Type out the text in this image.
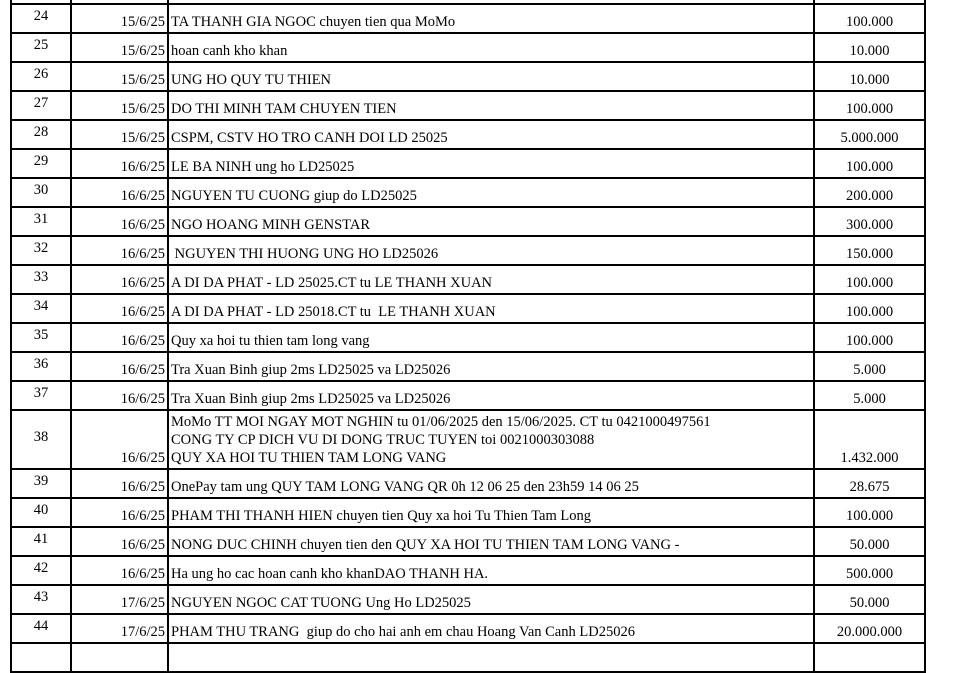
24	15/6/25	TA THANH GIA NGOC chuyen tien qua MoMo	100.000
25	15/6/25	hoan canh kho khan	10.000
26	15/6/25	UNG HO QUY TU THIEN	10.000
27	15/6/25	DO THI MINH TAM CHUYEN TIEN	100.000
28	15/6/25	CSPM, CSTV HO TRO CANH DOI LD 25025	5.000.000
29	16/6/25	LE BA NINH ung ho LD25025	100.000
30	16/6/25	NGUYEN TU CUONG giup do LD25025	200.000
31	16/6/25	NGO HOANG MINH GENSTAR	300.000
32	16/6/25	NGUYEN THI HUONG UNG HO LD25026	150.000
33	16/6/25	A DI DA PHAT - LD 25025.CT tu LE THANH XUAN	100.000
34	16/6/25	A DI DA PHAT - LD 25018.CT tu  LE THANH XUAN	100.000
35	16/6/25	Quy xa hoi tu thien tam long vang	100.000
36	16/6/25	Tra Xuan Binh giup 2ms LD25025 va LD25026	5.000
37	16/6/25	Tra Xuan Binh giup 2ms LD25025 va LD25026	5.000
38	16/6/25	MoMo TT MOI NGAY MOT NGHIN tu 01/06/2025 den 15/06/2025. CT tu 0421000497561
CONG TY CP DICH VU DI DONG TRUC TUYEN toi 0021000303088
QUY XA HOI TU THIEN TAM LONG VANG	1.432.000
39	16/6/25	OnePay tam ung QUY TAM LONG VANG QR 0h 12 06 25 den 23h59 14 06 25	28.675
40	16/6/25	PHAM THI THANH HIEN chuyen tien Quy xa hoi Tu Thien Tam Long	100.000
41	16/6/25	NONG DUC CHINH chuyen tien den QUY XA HOI TU THIEN TAM LONG VANG -	50.000
42	16/6/25	Ha ung ho cac hoan canh kho khanDAO THANH HA.	500.000
43	17/6/25	NGUYEN NGOC CAT TUONG Ung Ho LD25025	50.000
44	17/6/25	PHAM THU TRANG  giup do cho hai anh em chau Hoang Van Canh LD25026	20.000.000
